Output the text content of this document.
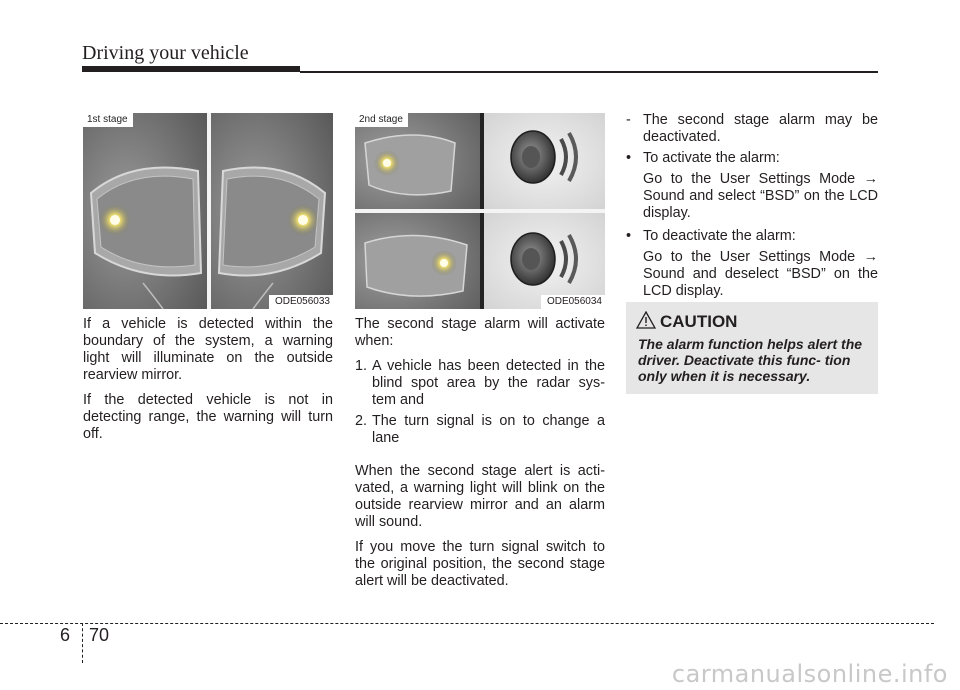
Driving your vehicle
1st stage
ODE056033
2nd stage
ODE056034

If a vehicle is detected within the boundary of the system, a warning light will illuminate on the outside rearview mirror.

If the detected vehicle is not in detecting range, the warning will turn off.

The second stage alarm will activate when:

1. A vehicle has been detected in the blind spot area by the radar sys- tem and
2. The turn signal is on to change a lane

When the second stage alert is acti- vated, a warning light will blink on the outside rearview mirror and an alarm will sound.

If you move the turn signal switch to the original position, the second stage alert will be deactivated.

- The second stage alarm may be deactivated.
• To activate the alarm:
Go to the User Settings Mode → Sound and select “BSD” on the LCD display.
• To deactivate the alarm:
Go to the User Settings Mode → Sound and deselect “BSD” on the LCD display.
CAUTION
The alarm function helps alert the driver. Deactivate this func- tion only when it is necessary.
6 70
carmanualsonline.info
